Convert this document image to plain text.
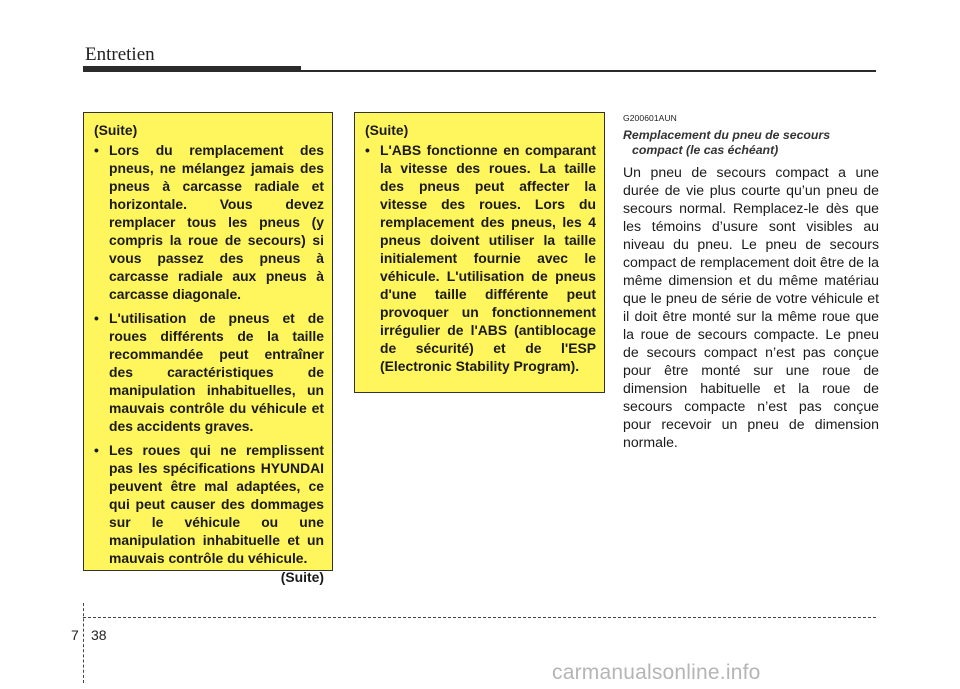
Entretien
(Suite)
• Lors du remplacement des pneus, ne mélangez jamais des pneus à carcasse radiale et horizontale. Vous devez remplacer tous les pneus (y compris la roue de secours) si vous passez des pneus à carcasse radiale aux pneus à carcasse diagonale.
• L'utilisation de pneus et de roues différents de la taille recommandée peut entraîner des caractéristiques de manipulation inhabituelles, un mauvais contrôle du véhicule et des accidents graves.
• Les roues qui ne remplissent pas les spécifications HYUNDAI peuvent être mal adaptées, ce qui peut causer des dommages sur le véhicule ou une manipulation inhabituelle et un mauvais contrôle du véhicule.
(Suite)
(Suite)
• L'ABS fonctionne en comparant la vitesse des roues. La taille des pneus peut affecter la vitesse des roues. Lors du remplacement des pneus, les 4 pneus doivent utiliser la taille initialement fournie avec le véhicule. L'utilisation de pneus d'une taille différente peut provoquer un fonctionnement irrégulier de l'ABS (antiblocage de sécurité) et de l'ESP (Electronic Stability Program).
G200601AUN
Remplacement du pneu de secours
compact (le cas échéant)

Un pneu de secours compact a une durée de vie plus courte qu’un pneu de secours normal. Remplacez-le dès que les témoins d’usure sont visibles au niveau du pneu. Le pneu de secours compact de remplacement doit être de la même dimension et du même matériau que le pneu de série de votre véhicule et il doit être monté sur la même roue que la roue de secours compacte. Le pneu de secours compact n’est pas conçue pour être monté sur une roue de dimension habituelle et la roue de secours compacte n’est pas conçue pour recevoir un pneu de dimension normale.

7 38
carmanualsonline.info
